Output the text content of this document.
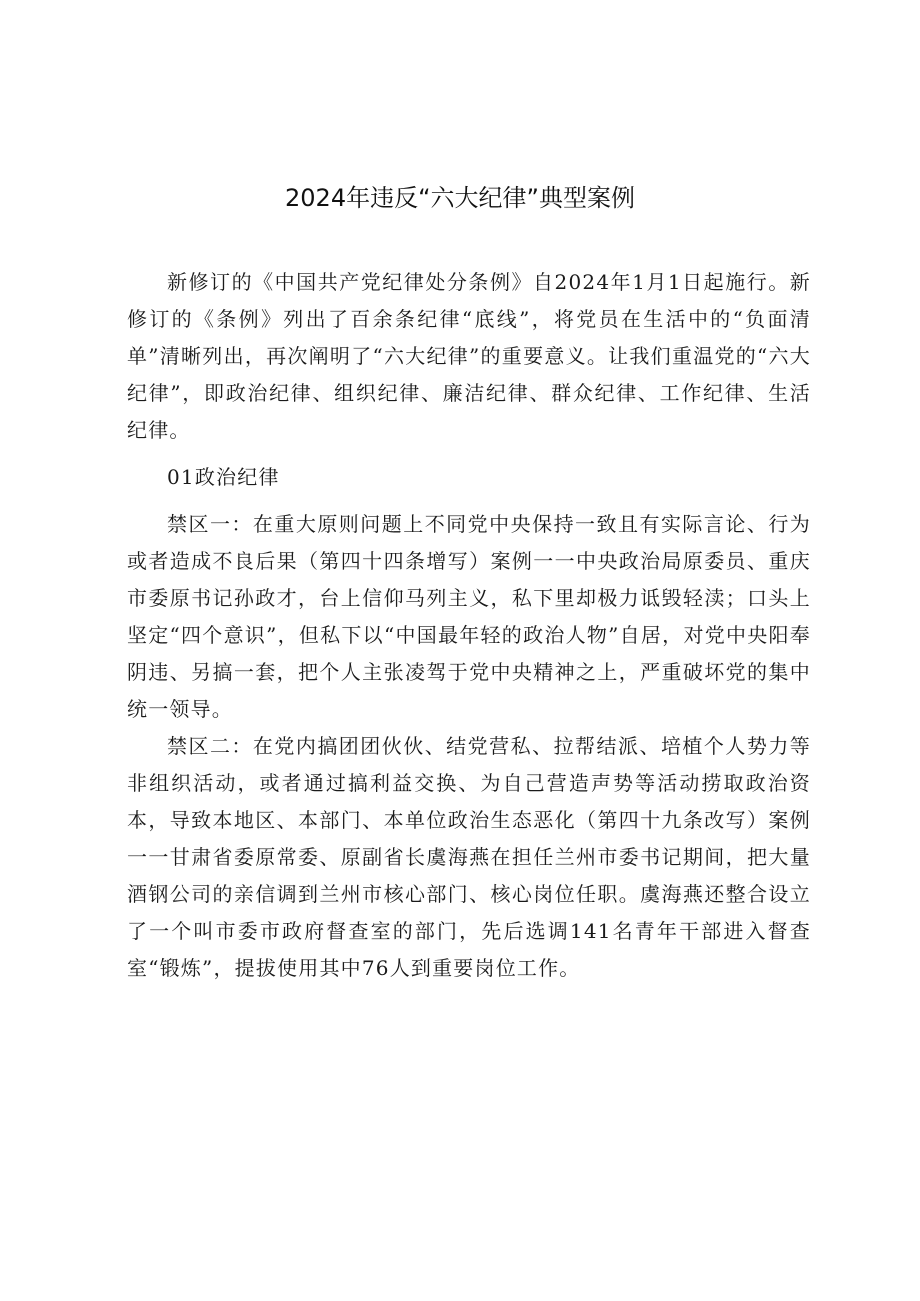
2024年违反“六大纪律”典型案例

新修订的《中国共产党纪律处分条例》自2024年1月1日起施行。新修订的《条例》列出了百余条纪律“底线”，将党员在生活中的“负面清单”清晰列出，再次阐明了“六大纪律”的重要意义。让我们重温党的“六大纪律”，即政治纪律、组织纪律、廉洁纪律、群众纪律、工作纪律、生活纪律。

01政治纪律

禁区一：在重大原则问题上不同党中央保持一致且有实际言论、行为或者造成不良后果（第四十四条增写）案例一一中央政治局原委员、重庆市委原书记孙政才，台上信仰马列主义，私下里却极力诋毁轻渎；口头上坚定“四个意识”，但私下以“中国最年轻的政治人物”自居，对党中央阳奉阴违、另搞一套，把个人主张凌驾于党中央精神之上，严重破坏党的集中统一领导。

禁区二：在党内搞团团伙伙、结党营私、拉帮结派、培植个人势力等非组织活动，或者通过搞利益交换、为自己营造声势等活动捞取政治资本，导致本地区、本部门、本单位政治生态恶化（第四十九条改写）案例一一甘肃省委原常委、原副省长虞海燕在担任兰州市委书记期间，把大量酒钢公司的亲信调到兰州市核心部门、核心岗位任职。虞海燕还整合设立了一个叫市委市政府督查室的部门，先后选调141名青年干部进入督查室“锻炼”，提拔使用其中76人到重要岗位工作。
